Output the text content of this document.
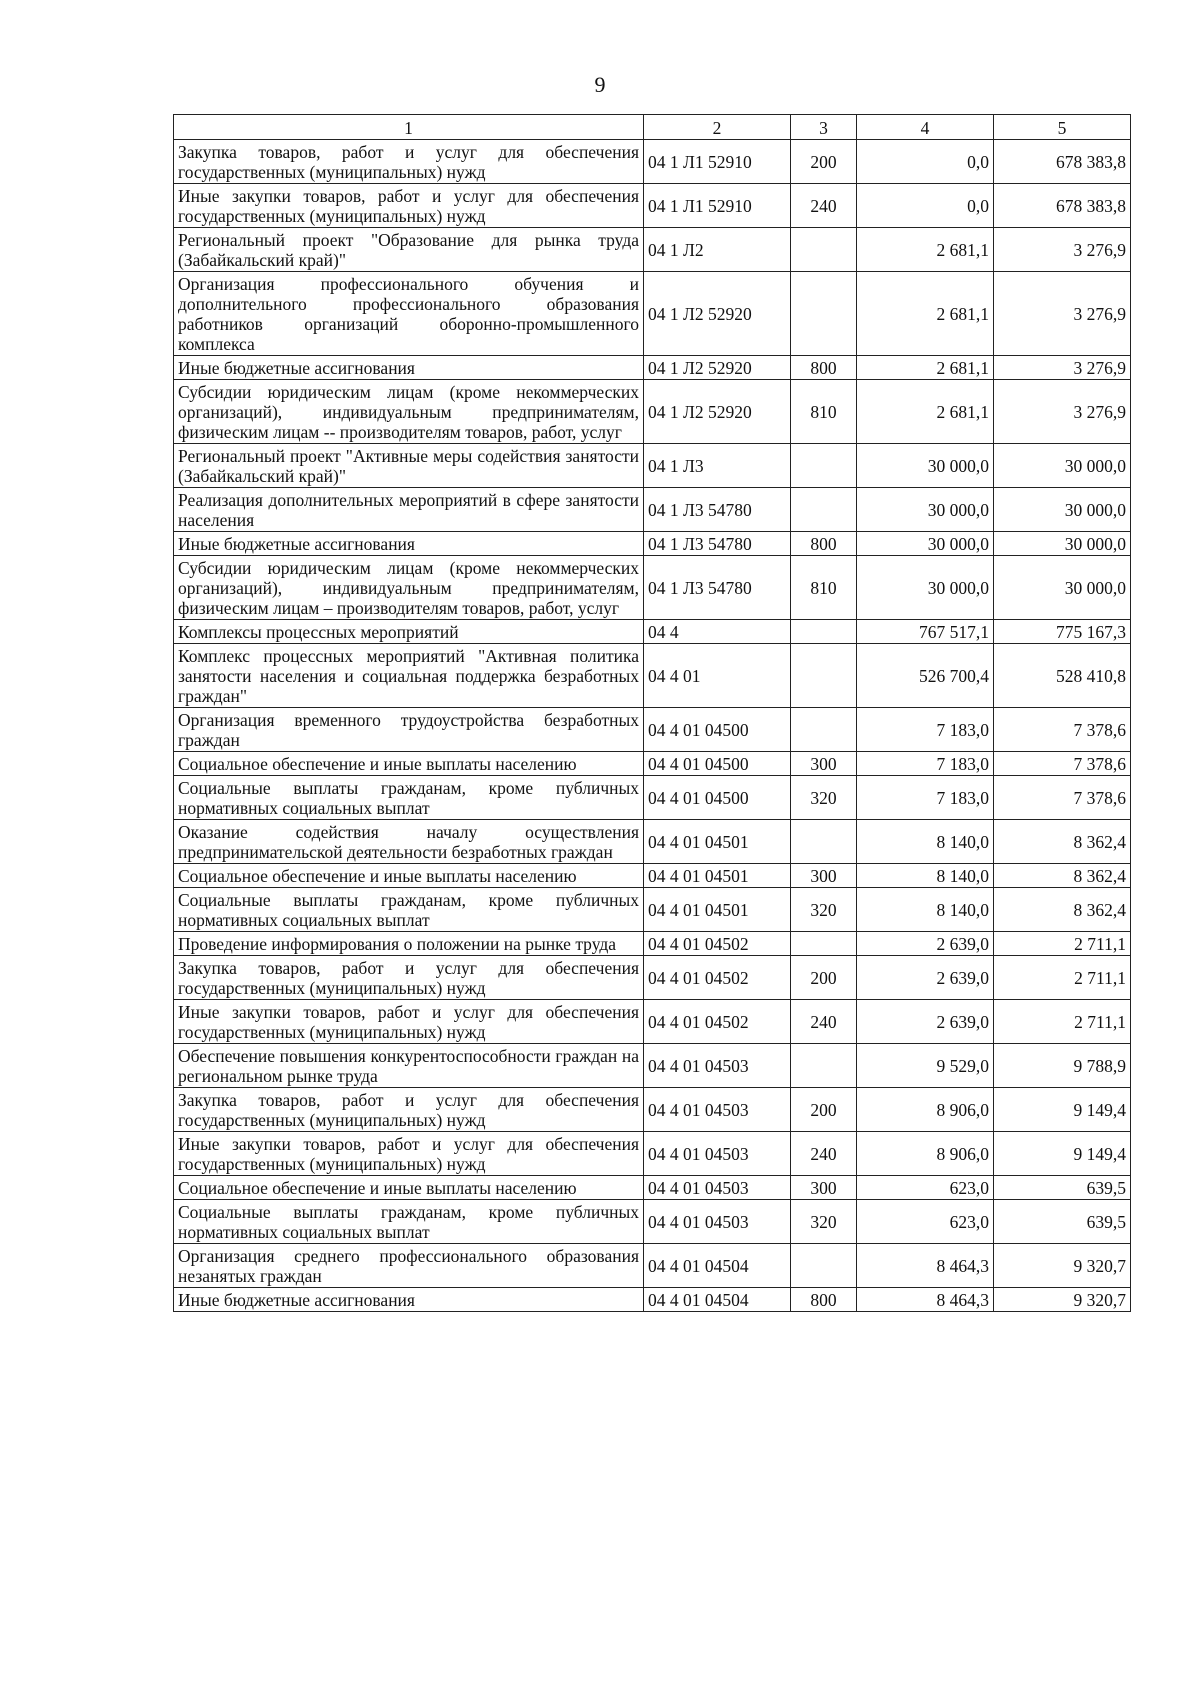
9
1	2	3	4	5
Закупка товаров, работ и услуг для обеспечения государственных (муниципальных) нужд	04 1 Л1 52910	200	0,0	678 383,8
Иные закупки товаров, работ и услуг для обеспечения государственных (муниципальных) нужд	04 1 Л1 52910	240	0,0	678 383,8
Региональный проект "Образование для рынка труда (Забайкальский край)"	04 1 Л2		2 681,1	3 276,9
Организация профессионального обучения и дополнительного профессионального образования работников организаций оборонно-промышленного комплекса	04 1 Л2 52920		2 681,1	3 276,9
Иные бюджетные ассигнования	04 1 Л2 52920	800	2 681,1	3 276,9
Субсидии юридическим лицам (кроме некоммерческих организаций), индивидуальным предпринимателям, физическим лицам -- производителям товаров, работ, услуг	04 1 Л2 52920	810	2 681,1	3 276,9
Региональный проект "Активные меры содействия занятости (Забайкальский край)"	04 1 Л3		30 000,0	30 000,0
Реализация дополнительных мероприятий в сфере занятости населения	04 1 Л3 54780		30 000,0	30 000,0
Иные бюджетные ассигнования	04 1 Л3 54780	800	30 000,0	30 000,0
Субсидии юридическим лицам (кроме некоммерческих организаций), индивидуальным предпринимателям, физическим лицам – производителям товаров, работ, услуг	04 1 Л3 54780	810	30 000,0	30 000,0
Комплексы процессных мероприятий	04 4		767 517,1	775 167,3
Комплекс процессных мероприятий "Активная политика занятости населения и социальная поддержка безработных граждан"	04 4 01		526 700,4	528 410,8
Организация временного трудоустройства безработных граждан	04 4 01 04500		7 183,0	7 378,6
Социальное обеспечение и иные выплаты населению	04 4 01 04500	300	7 183,0	7 378,6
Социальные выплаты гражданам, кроме публичных нормативных социальных выплат	04 4 01 04500	320	7 183,0	7 378,6
Оказание содействия началу осуществления предпринимательской деятельности безработных граждан	04 4 01 04501		8 140,0	8 362,4
Социальное обеспечение и иные выплаты населению	04 4 01 04501	300	8 140,0	8 362,4
Социальные выплаты гражданам, кроме публичных нормативных социальных выплат	04 4 01 04501	320	8 140,0	8 362,4
Проведение информирования о положении на рынке труда	04 4 01 04502		2 639,0	2 711,1
Закупка товаров, работ и услуг для обеспечения государственных (муниципальных) нужд	04 4 01 04502	200	2 639,0	2 711,1
Иные закупки товаров, работ и услуг для обеспечения государственных (муниципальных) нужд	04 4 01 04502	240	2 639,0	2 711,1
Обеспечение повышения конкурентоспособности граждан на региональном рынке труда	04 4 01 04503		9 529,0	9 788,9
Закупка товаров, работ и услуг для обеспечения государственных (муниципальных) нужд	04 4 01 04503	200	8 906,0	9 149,4
Иные закупки товаров, работ и услуг для обеспечения государственных (муниципальных) нужд	04 4 01 04503	240	8 906,0	9 149,4
Социальное обеспечение и иные выплаты населению	04 4 01 04503	300	623,0	639,5
Социальные выплаты гражданам, кроме публичных нормативных социальных выплат	04 4 01 04503	320	623,0	639,5
Организация среднего профессионального образования незанятых граждан	04 4 01 04504		8 464,3	9 320,7
Иные бюджетные ассигнования	04 4 01 04504	800	8 464,3	9 320,7
